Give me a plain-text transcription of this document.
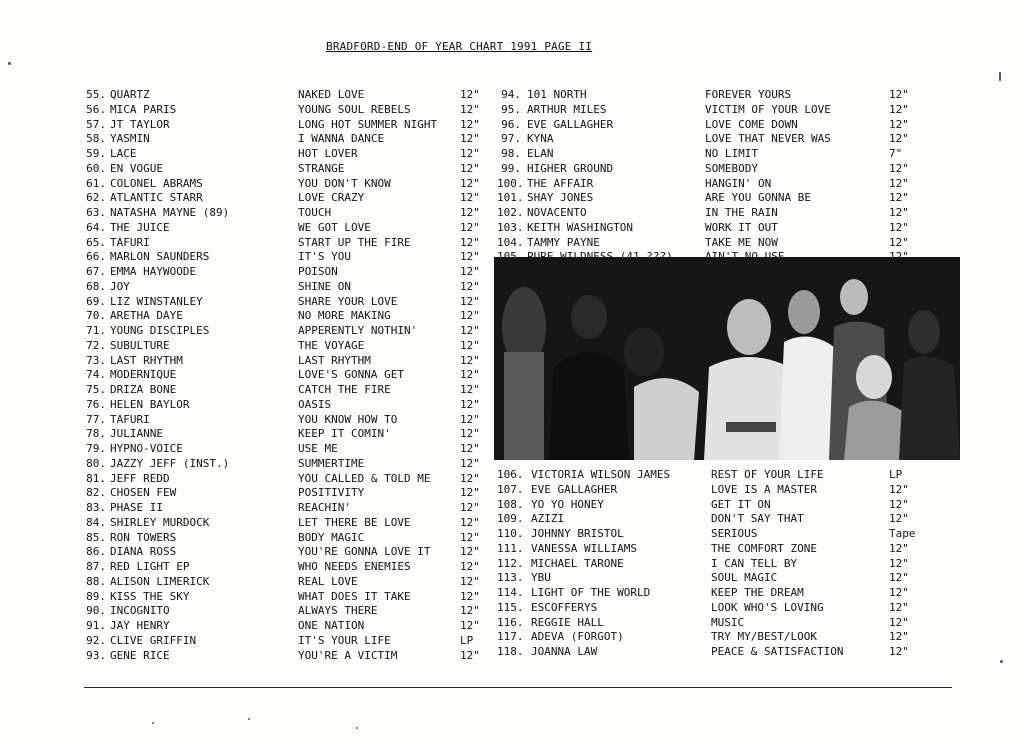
BRADFORD-END OF YEAR CHART 1991 PAGE II
55. QUARTZ	NAKED LOVE	12"
56. MICA PARIS	YOUNG SOUL REBELS	12"
57. JT TAYLOR	LONG HOT SUMMER NIGHT 12"
58. YASMIN	I WANNA DANCE	12"
59. LACE	HOT LOVER	12"
60. EN VOGUE	STRANGE	12"
61. COLONEL ABRAMS	YOU DON'T KNOW	12"
62. ATLANTIC STARR	LOVE CRAZY	12"
63. NATASHA MAYNE (89)	TOUCH	12"
64. THE JUICE	WE GOT LOVE	12"
65. TAFURI	START UP THE FIRE	12"
66. MARLON SAUNDERS	IT'S YOU	12"
67. EMMA HAYWOODE	POISON	12"
68. JOY	SHINE ON	12"
69. LIZ WINSTANLEY	SHARE YOUR LOVE	12"
70. ARETHA DAYE	NO MORE MAKING	12"
71. YOUNG DISCIPLES	APPERENTLY NOTHIN'	12"
72. SUBULTURE	THE VOYAGE	12"
73. LAST RHYTHM	LAST RHYTHM	12"
74. MODERNIQUE	LOVE'S GONNA GET	12"
75. DRIZA BONE	CATCH THE FIRE	12"
76. HELEN BAYLOR	OASIS	12"
77. TAFURI	YOU KNOW HOW TO	12"
78. JULIANNE	KEEP IT COMIN'	12"
79. HYPNO-VOICE	USE ME	12"
80. JAZZY JEFF (INST.)	SUMMERTIME	12"
81. JEFF REDD	YOU CALLED & TOLD ME	12"
82. CHOSEN FEW	POSITIVITY	12"
83. PHASE II	REACHIN'	12"
84. SHIRLEY MURDOCK	LET THERE BE LOVE	12"
85. RON TOWERS	BODY MAGIC	12"
86. DIANA ROSS	YOU'RE GONNA LOVE IT	12"
87. RED LIGHT EP	WHO NEEDS ENEMIES	12"
88. ALISON LIMERICK	REAL LOVE	12"
89. KISS THE SKY	WHAT DOES IT TAKE	12"
90. INCOGNITO	ALWAYS THERE	12"
91. JAY HENRY	ONE NATION	12"
92. CLIVE GRIFFIN	IT'S YOUR LIFE	LP
93. GENE RICE	YOU'RE A VICTIM	12"
94. 101 NORTH	FOREVER YOURS	12"
95. ARTHUR MILES	VICTIM OF YOUR LOVE	12"
96. EVE GALLAGHER	LOVE COME DOWN	12"
97. KYNA	LOVE THAT NEVER WAS	12"
98. ELAN	NO LIMIT	7"
99. HIGHER GROUND	SOMEBODY	12"
100. THE AFFAIR	HANGIN' ON	12"
101. SHAY JONES	ARE YOU GONNA BE	12"
102. NOVACENTO	IN THE RAIN	12"
103. KEITH WASHINGTON	WORK IT OUT	12"
104. TAMMY PAYNE	TAKE ME NOW	12"
106. VICTORIA WILSON JAMES	REST OF YOUR LIFE	LP
107. EVE GALLAGHER	LOVE IS A MASTER	12"
108. YO YO HONEY	GET IT ON	12"
109. AZIZI	DON'T SAY THAT	12"
110. JOHNNY BRISTOL	SERIOUS	Tape
111. VANESSA WILLIAMS	THE COMFORT ZONE	12"
112. MICHAEL TARONE	I CAN TELL BY	12"
113. YBU	SOUL MAGIC	12"
114. LIGHT OF THE WORLD	KEEP THE DREAM	12"
115. ESCOFFERYS	LOOK WHO'S LOVING	12"
116. REGGIE HALL	MUSIC	12"
117. ADEVA (FORGOT)	TRY MY/BEST/LOOK	12"
118. JOANNA LAW	PEACE & SATISFACTION	12"
